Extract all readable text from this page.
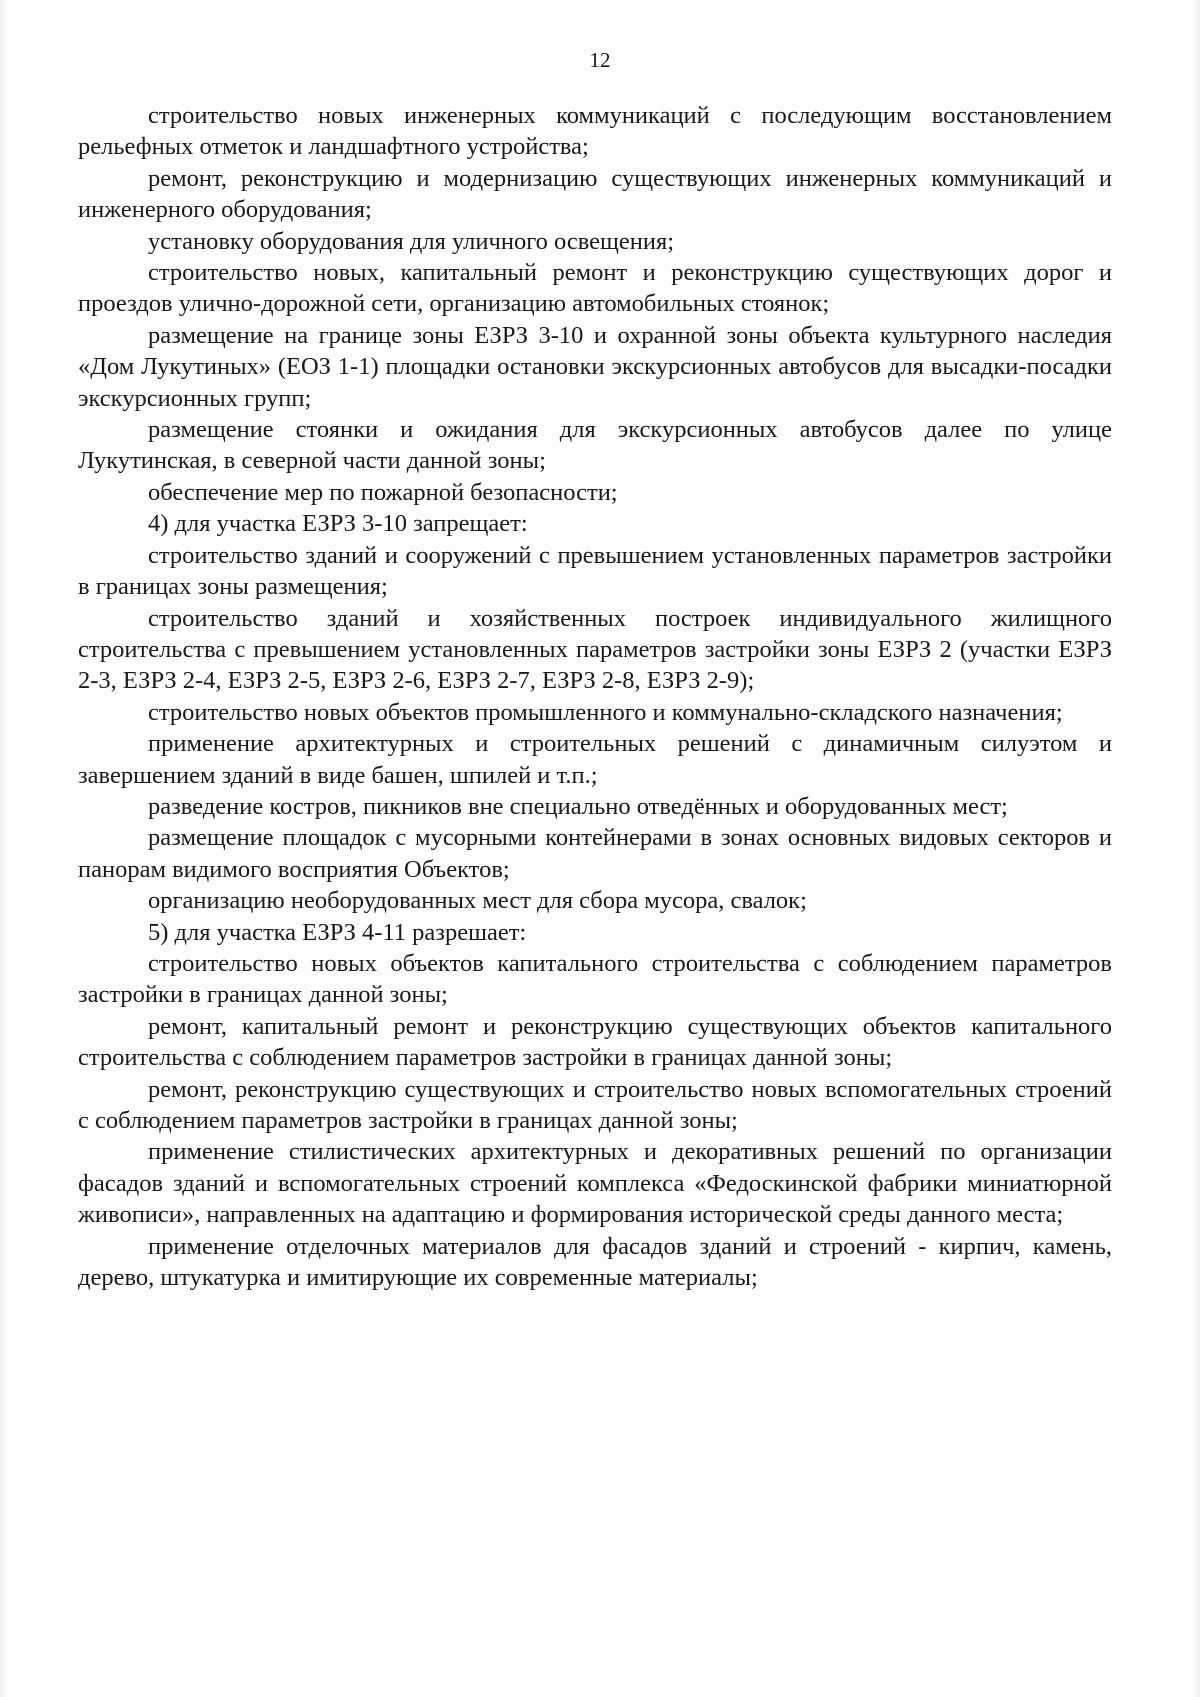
12

строительство новых инженерных коммуникаций с последующим восстановлением рельефных отметок и ландшафтного устройства;

ремонт, реконструкцию и модернизацию существующих инженерных коммуникаций и инженерного оборудования;

установку оборудования для уличного освещения;

строительство новых, капитальный ремонт и реконструкцию существующих дорог и проездов улично-дорожной сети, организацию автомобильных стоянок;

размещение на границе зоны ЕЗРЗ 3-10 и охранной зоны объекта культурного наследия «Дом Лукутиных» (ЕОЗ 1-1) площадки остановки экскурсионных автобусов для высадки-посадки экскурсионных групп;

размещение стоянки и ожидания для экскурсионных автобусов далее по улице Лукутинская, в северной части данной зоны;

обеспечение мер по пожарной безопасности;

4) для участка ЕЗРЗ 3-10 запрещает:

строительство зданий и сооружений с превышением установленных параметров застройки в границах зоны размещения;

строительство зданий и хозяйственных построек индивидуального жилищного строительства с превышением установленных параметров застройки зоны ЕЗРЗ 2 (участки ЕЗРЗ 2-3, ЕЗРЗ 2-4, ЕЗРЗ 2-5, ЕЗРЗ 2-6, ЕЗРЗ 2-7, ЕЗРЗ 2-8, ЕЗРЗ 2-9);

строительство новых объектов промышленного и коммунально-складского назначения;

применение архитектурных и строительных решений с динамичным силуэтом и завершением зданий в виде башен, шпилей и т.п.;

разведение костров, пикников вне специально отведённых и оборудованных мест;

размещение площадок с мусорными контейнерами в зонах основных видовых секторов и панорам видимого восприятия Объектов;

организацию необорудованных мест для сбора мусора, свалок;

5) для участка ЕЗРЗ 4-11 разрешает:

строительство новых объектов капитального строительства с соблюдением параметров застройки в границах данной зоны;

ремонт, капитальный ремонт и реконструкцию существующих объектов капитального строительства с соблюдением параметров застройки в границах данной зоны;

ремонт, реконструкцию существующих и строительство новых вспомогательных строений с соблюдением параметров застройки в границах данной зоны;

применение стилистических архитектурных и декоративных решений по организации фасадов зданий и вспомогательных строений комплекса «Федоскинской фабрики миниатюрной живописи», направленных на адаптацию и формирования исторической среды данного места;

применение отделочных материалов для фасадов зданий и строений - кирпич, камень, дерево, штукатурка и имитирующие их современные материалы;
